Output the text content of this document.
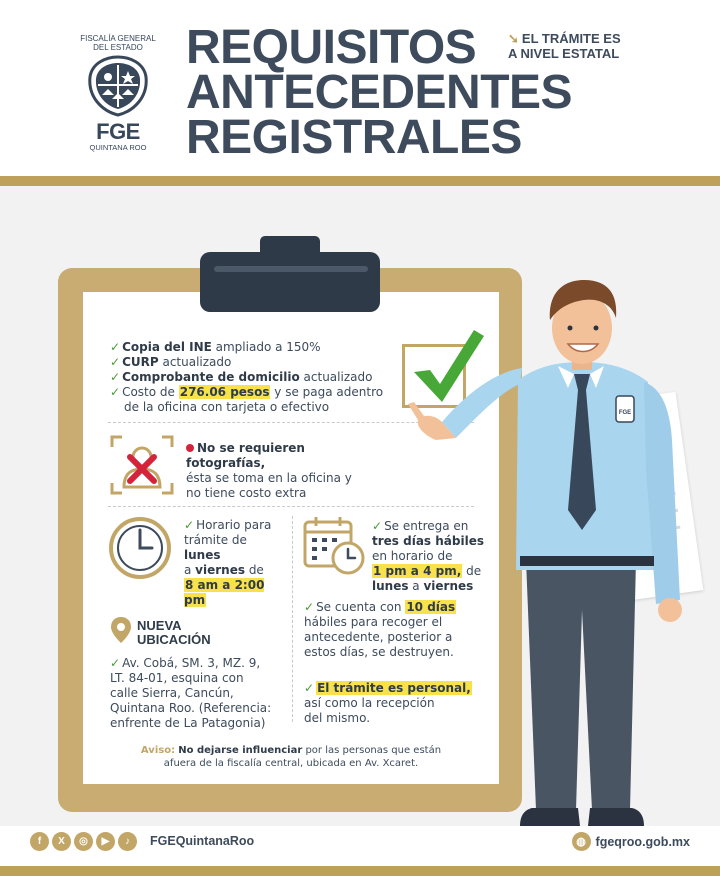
FISCALÍA GENERAL
DEL ESTADO
FGE
QUINTANA ROO
REQUISITOS
ANTECEDENTES
REGISTRALES
➘ EL TRÁMITE ES
A NIVEL ESTATAL
✓ Copia del INE ampliado a 150%
✓ CURP actualizado
✓ Comprobante de domicilio actualizado
✓ Costo de 276.06 pesos y se paga adentro
de la oficina con tarjeta o efectivo
No se requieren fotografías,
ésta se toma en la oficina y
no tiene costo extra
✓ Horario para
trámite de lunes
a viernes de
8 am a 2:00 pm
✓ Se entrega en
tres días hábiles
en horario de
1 pm a 4 pm, de
lunes a viernes
✓ Se cuenta con 10 días
hábiles para recoger el
antecedente, posterior a
estos días, se destruyen.
✓ El trámite es personal,
así como la recepción
del mismo.
NUEVA
UBICACIÓN
✓ Av. Cobá, SM. 3, MZ. 9,
LT. 84-01, esquina con
calle Sierra, Cancún,
Quintana Roo. (Referencia:
enfrente de La Patagonia)
Aviso: No dejarse influenciar por las personas que están
afuera de la fiscalía central, ubicada en Av. Xcaret.
FGE
f	X	◎	▶	♪	FGEQuintanaRoo	◍ fgeqroo.gob.mx
